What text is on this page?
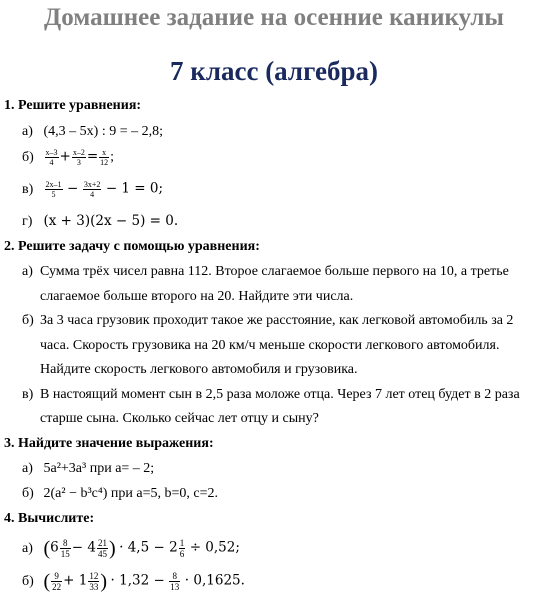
Домашнее задание на осенние каникулы
7 класс (алгебра)
1. Решите уравнения:
а) (4,3 – 5х) : 9 = – 2,8;
$б) \frac{х-3}{4} + \frac{х-2}{3} = \frac{х}{12}$ ;
$в) \frac{2х-1}{5} - \frac{3х+2}{4} - 1 = 0$;
г) (x + 3)(2x − 5) = 0.
2. Решите задачу с помощью уравнения:
а) Сумма трёх чисел равна 112. Второе слагаемое больше первого на 10, а третье
слагаемое больше второго на 20. Найдите эти числа.
б) За 3 часа грузовик проходит такое же расстояние, как легковой автомобиль за 2
часа. Скорость грузовика на 20 км/ч меньше скорости легкового автомобиля.
Найдите скорость легкового автомобиля и грузовика.
в) В настоящий момент сын в 2,5 раза моложе отца. Через 7 лет отец будет в 2 раза
старше сына. Сколько сейчас лет отцу и сыну?
3. Найдите значение выражения:
а) 5а²+3а³ при а= – 2;
б) 2(a² − b³c⁴) при а=5, b=0, с=2.
4. Вычислите:
а) ($6 \frac{8}{15} - 4 \frac{21}{45}$ ) · $4,5 - 2 \frac{1}{6} \div 0,52$;
б) ( $\frac{9}{22} + 1 \frac{12}{33}$ ) · $1,32 - \frac{8}{13} \cdot 0,1625$.
